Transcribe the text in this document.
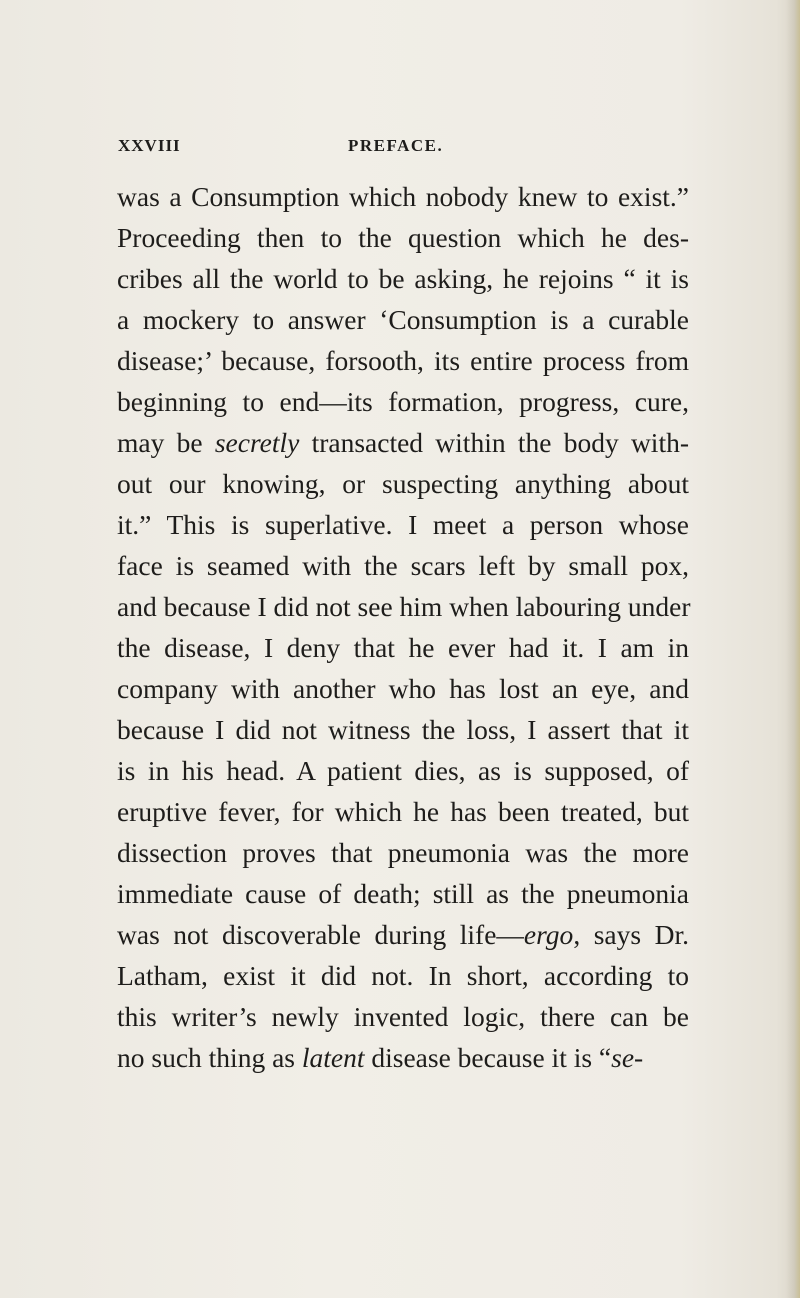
XXVIII	PREFACE.
was a Consumption which nobody knew to exist.”
Proceeding then to the question which he des-
cribes all the world to be asking, he rejoins “ it is
a mockery to answer ‘Consumption is a curable
disease;’ because, forsooth, its entire process from
beginning to end—its formation, progress, cure,
may be secretly transacted within the body with-
out our knowing, or suspecting anything about
it.” This is superlative. I meet a person whose
face is seamed with the scars left by small pox,
and because I did not see him when labouring under
the disease, I deny that he ever had it. I am in
company with another who has lost an eye, and
because I did not witness the loss, I assert that it
is in his head. A patient dies, as is supposed, of
eruptive fever, for which he has been treated, but
dissection proves that pneumonia was the more
immediate cause of death; still as the pneumonia
was not discoverable during life—ergo, says Dr.
Latham, exist it did not. In short, according to
this writer’s newly invented logic, there can be
no such thing as latent disease because it is “se-
